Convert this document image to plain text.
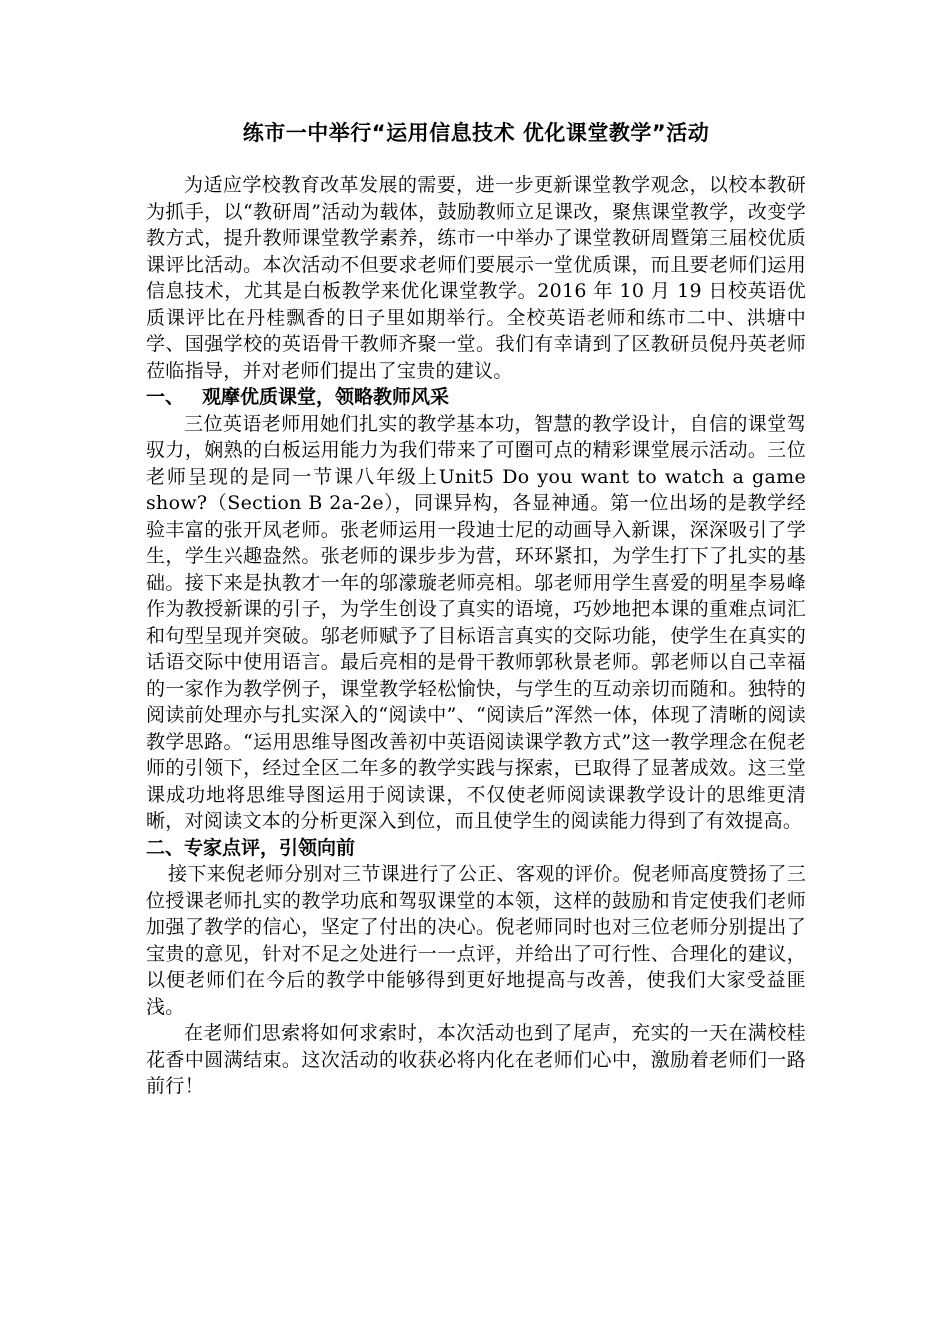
练市一中举行“运用信息技术 优化课堂教学”活动

为适应学校教育改革发展的需要，进一步更新课堂教学观念，以校本教研为抓手，以“教研周”活动为载体，鼓励教师立足课改，聚焦课堂教学，改变学教方式，提升教师课堂教学素养，练市一中举办了课堂教研周暨第三届校优质课评比活动。本次活动不但要求老师们要展示一堂优质课，而且要老师们运用信息技术，尤其是白板教学来优化课堂教学。2016 年 10 月 19 日校英语优质课评比在丹桂飘香的日子里如期举行。全校英语老师和练市二中、洪塘中学、国强学校的英语骨干教师齐聚一堂。我们有幸请到了区教研员倪丹英老师莅临指导，并对老师们提出了宝贵的建议。

一、 观摩优质课堂，领略教师风采

三位英语老师用她们扎实的教学基本功，智慧的教学设计，自信的课堂驾驭力，娴熟的白板运用能力为我们带来了可圈可点的精彩课堂展示活动。三位老师呈现的是同一节课八年级上Unit5 Do you want to watch a game show?（Section B 2a-2e），同课异构，各显神通。第一位出场的是教学经验丰富的张开凤老师。张老师运用一段迪士尼的动画导入新课，深深吸引了学生，学生兴趣盎然。张老师的课步步为营，环环紧扣，为学生打下了扎实的基础。接下来是执教才一年的邬濛璇老师亮相。邬老师用学生喜爱的明星李易峰作为教授新课的引子，为学生创设了真实的语境，巧妙地把本课的重难点词汇和句型呈现并突破。邬老师赋予了目标语言真实的交际功能，使学生在真实的话语交际中使用语言。最后亮相的是骨干教师郭秋景老师。郭老师以自己幸福的一家作为教学例子，课堂教学轻松愉快，与学生的互动亲切而随和。独特的阅读前处理亦与扎实深入的“阅读中”、“阅读后”浑然一体，体现了清晰的阅读教学思路。“运用思维导图改善初中英语阅读课学教方式”这一教学理念在倪老师的引领下，经过全区二年多的教学实践与探索，已取得了显著成效。这三堂课成功地将思维导图运用于阅读课，不仅使老师阅读课教学设计的思维更清晰，对阅读文本的分析更深入到位，而且使学生的阅读能力得到了有效提高。

二、专家点评，引领向前

接下来倪老师分别对三节课进行了公正、客观的评价。倪老师高度赞扬了三位授课老师扎实的教学功底和驾驭课堂的本领，这样的鼓励和肯定使我们老师加强了教学的信心，坚定了付出的决心。倪老师同时也对三位老师分别提出了宝贵的意见，针对不足之处进行一一点评，并给出了可行性、合理化的建议，以便老师们在今后的教学中能够得到更好地提高与改善，使我们大家受益匪浅。

在老师们思索将如何求索时，本次活动也到了尾声，充实的一天在满校桂花香中圆满结束。这次活动的收获必将内化在老师们心中，激励着老师们一路前行！
